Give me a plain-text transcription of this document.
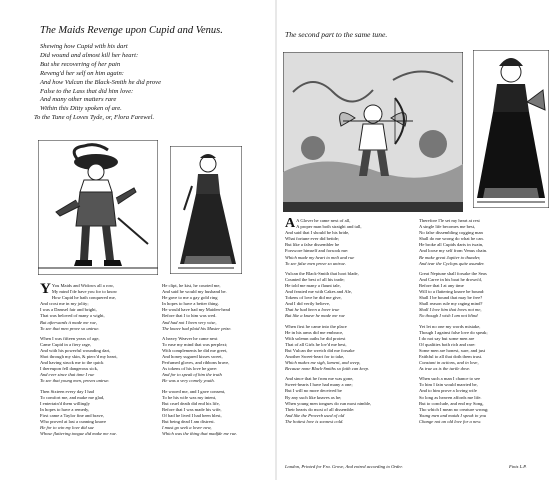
The Maids Revenge upon Cupid and Venus.
Shewing how Cupid with his dart
Did wound and almost kill her heart:
But she recovering of her pain
Reveng'd her self on him again:
And how Vulcan the Black-Smith he did prove
False to the Lass that did him love:
And many other matters rare
Within this Ditty spoken of are.
To the Tune of Loves Tyde, or, Flora Farewel.
Y You Maids and Widows all a row,
My mind I'de have you for to know
How Cupid he hath conquered me,
And crost me in my jolity;
I was a Damsel fair and bright,
That was beloved of many a wight,
But afterwards it made me rue,
To see that men prove so untrue.
When I was fifteen years of age,
Came Cupid in a fiery rage,
And with his powerful wounding dart,
Shot through my skin, & pierc'd my heart,
And having struck me to the quick
I thereupon fell dangerous sick,
And ever since that time I rue
To see that young men, proves untrue.
Then Sixteen every day I had
To comfort me, and make me glad,
I entertain'd them willingly
In hopes to have a remedy,
First came a Taylor fine and brave,
Who proved at last a cunning knave
He for to win my love did sue
Whose flattering tongue did make me rue.
He clipt, he kist, he courted me,
And said he would my husband be.
He gave to me a gay gold ring
In hopes to have a better thing.
He would have had my Maiden-head
Before that I to him was wed.
And had not I been very wise,
The knave had plaid his Master prize.
A heavy Weaver he came next
To ease my mind that was perplext;
With complements he did me greet,
And honey sugared kisses sweet,
Perfumed gloves, and ribbons brave,
As tokens of his love he gave:
And for to speak of him the truth
He was a very comely youth.
He wooed me, and I gave consent,
To be his wife was my intent,
But cruel death did end his life,
Before that I was made his wife,
Of bad he lived I had been blest,
But being dead I am distrest.
I must go seek a lover new,
Which was the thing that madfde me rue.
The second part to the same tune.
A A Glover he came next of all,
A proper man both straight and tall,
And said that I should be his bride,
What fortune ever did betide;
But like a false dissembler he
Forswore himself and forsook me:
Which made my heart to melt and rue
To see false men prove so untrue.
Vulcan the Black-Smith that hoot blade,
Counted the best of all his trade;
He told me many a flaunt tale,
And feasted me with Cakes and Ale,
Tokens of love he did me give,
And I did verily believe,
That he had been a lover true
But like a knave he made me rue
When first he came into the place
He in his arms did me embrace,
With solemn oaths he did protest
That of all Girls he lov'd me best,
But Vulcan the wretch did me forsake
Another Sweet-heart for to take,
Which makes me sigh, lament, and weep,
Because none Black-Smiths so faith can keep.
And since that he from me was gone,
Sweet-hearts I have had many a one;
But I will no more deceived be
By any such like knaves as he;
When young men tongues do run most nimble,
Their hearts do most of all dissemble:
And like the Proverb used of old
The hottest love is soonest cold.
Therefore I'le set my heart at rest
A single life becomes me best,
No false dissembling cogging man
Shall do me wrong do what he can.
He broke all Cupids darts in twain,
And loose my self from Venus chain.
Be make great Jupiter to thunder,
And tear the Cyclops quite asunder.
Great Neptune shall forsake the Seas
And Carve in his boat he drown'd,
Before that I at any time
Will to a flattering knave be bound:
Shall I be bound that may be free?
Shall reason rule my raging mind?
Shall I love him that loves not me,
No though I wish I am not blind
Yet let no one my words mistake,
Though I against false love do speak;
I do not say but some men are
Of qualities both rich and rare:
Some men are honest, sure, and just
Faithful to all that doth them trust.
Constant in actions, and in love,
As true as is the turtle dove.
When such a man I chance to see
To him I fain would married be,
And to him prove a loving wife
So long as heaven affords me life.
But to conclude, and end my Song,
Tho which I mean no creature wrong;
Young men and maids I speak to you
Change not an old love for a new.
London, Printed for Fra. Grove, And entred according to Order.	Finis L.P.
